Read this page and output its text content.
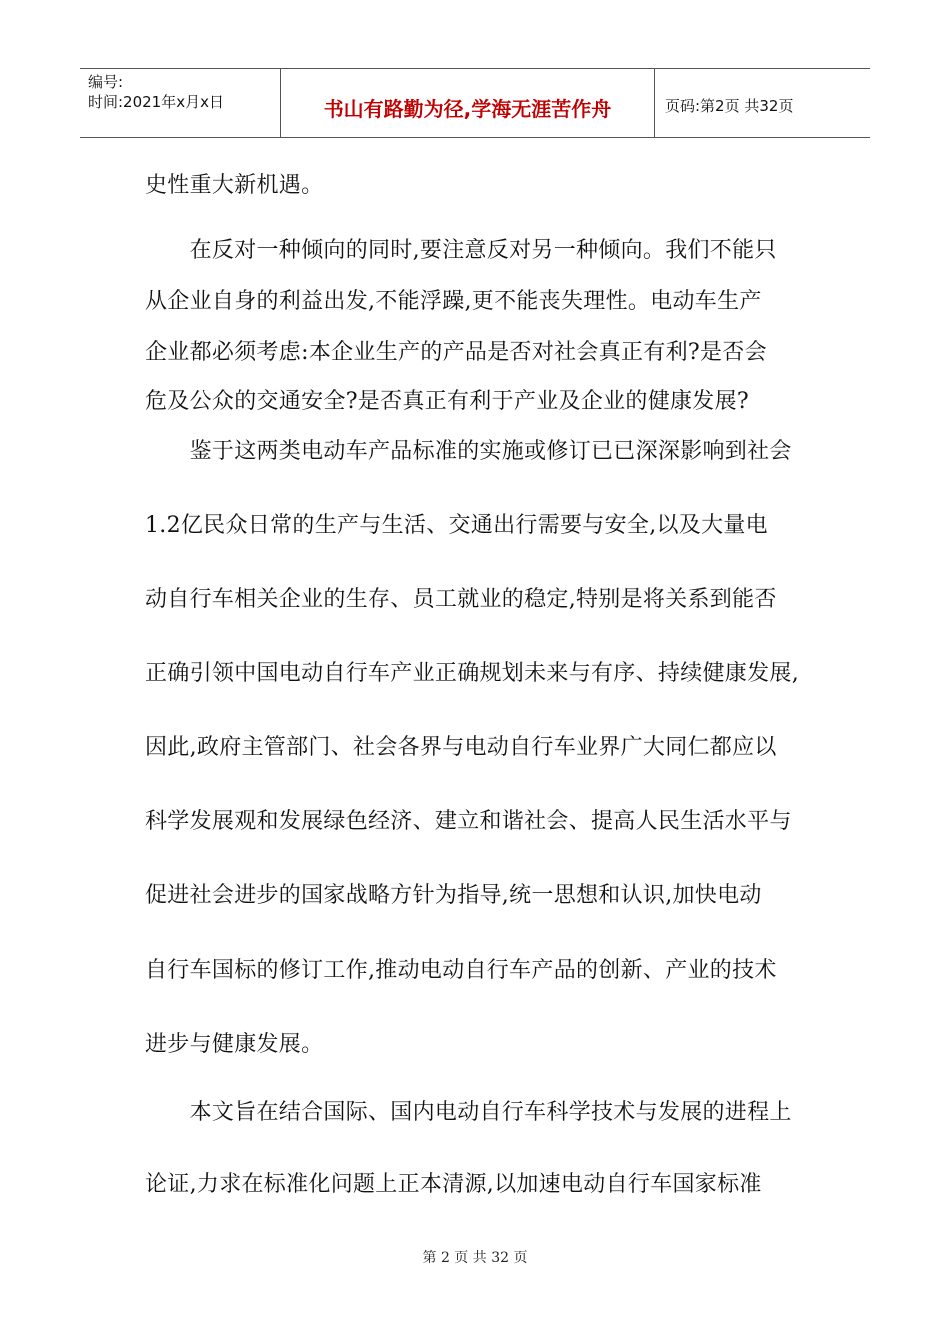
编号:
时间:2021年x月x日	书山有路勤为径,学海无涯苦作舟	页码:第2页 共32页
史性重大新机遇。
　　在反对一种倾向的同时,要注意反对另一种倾向。我们不能只
从企业自身的利益出发,不能浮躁,更不能丧失理性。电动车生产
企业都必须考虑:本企业生产的产品是否对社会真正有利?是否会
危及公众的交通安全?是否真正有利于产业及企业的健康发展?
　　鉴于这两类电动车产品标准的实施或修订已已深深影响到社会
1.2亿民众日常的生产与生活、交通出行需要与安全,以及大量电
动自行车相关企业的生存、员工就业的稳定,特别是将关系到能否
正确引领中国电动自行车产业正确规划未来与有序、持续健康发展,
因此,政府主管部门、社会各界与电动自行车业界广大同仁都应以
科学发展观和发展绿色经济、建立和谐社会、提高人民生活水平与
促进社会进步的国家战略方针为指导,统一思想和认识,加快电动
自行车国标的修订工作,推动电动自行车产品的创新、产业的技术
进步与健康发展。
　　本文旨在结合国际、国内电动自行车科学技术与发展的进程上
论证,力求在标准化问题上正本清源,以加速电动自行车国家标准
第 2 页 共 32 页
